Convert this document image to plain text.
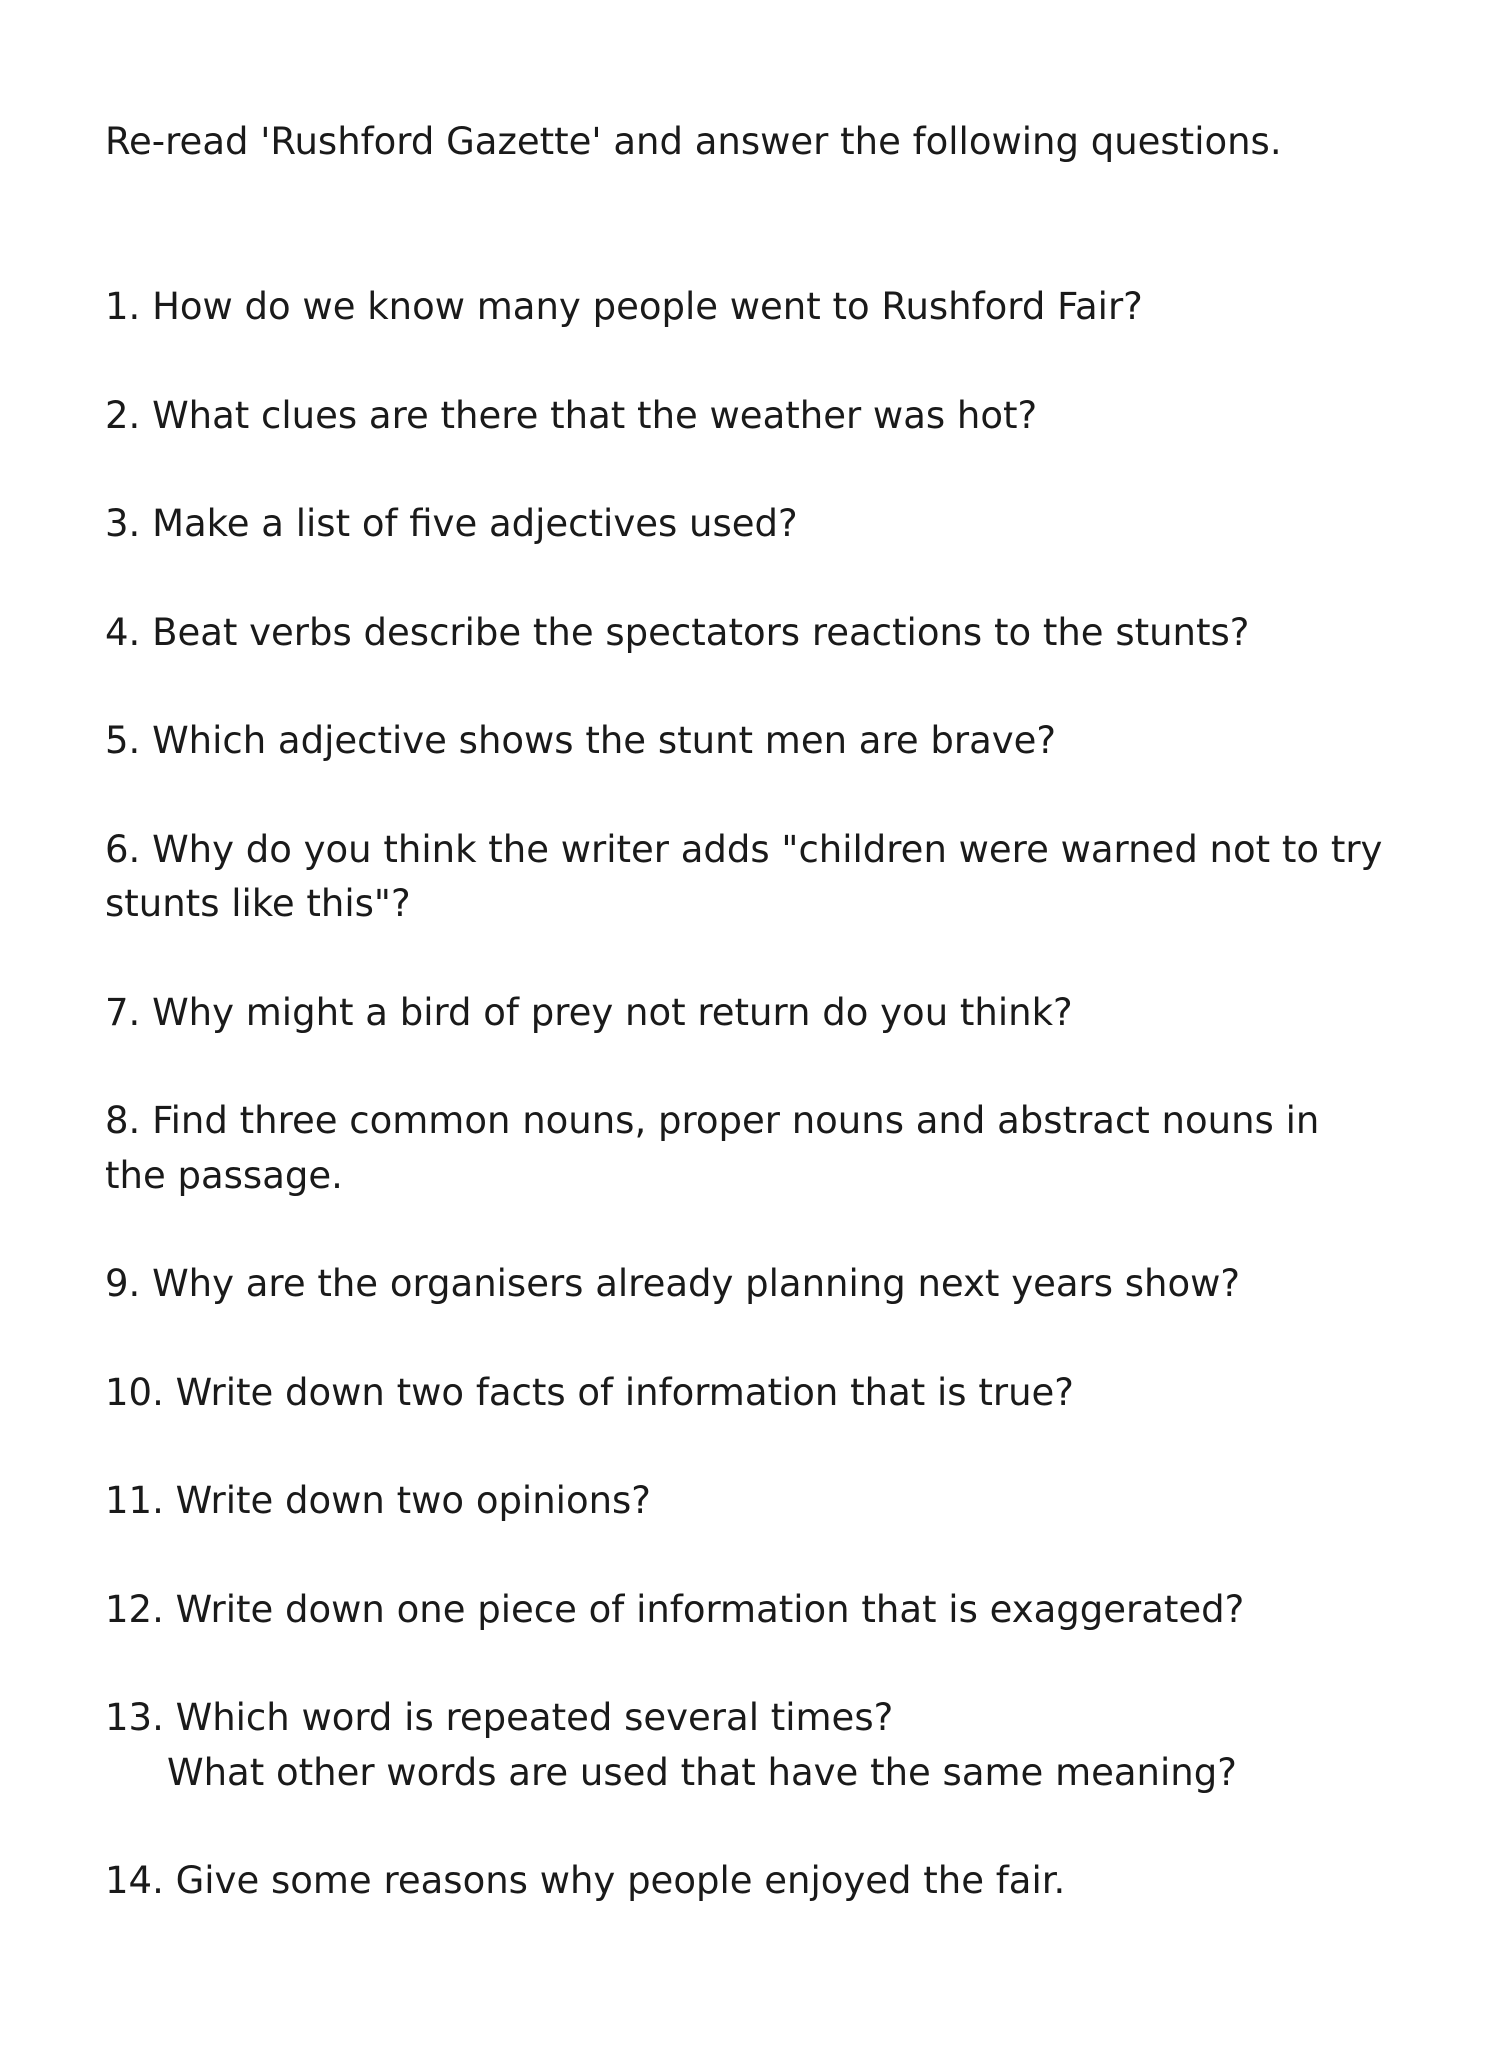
Re-read 'Rushford Gazette' and answer the following questions.

1. How do we know many people went to Rushford Fair?

2. What clues are there that the weather was hot?

3. Make a list of five adjectives used?

4. Beat verbs describe the spectators reactions to the stunts?

5. Which adjective shows the stunt men are brave?

6. Why do you think the writer adds "children were warned not to try

stunts like this"?

7. Why might a bird of prey not return do you think?

8. Find three common nouns, proper nouns and abstract nouns in

the passage.

9. Why are the organisers already planning next years show?

10. Write down two facts of information that is true?

11. Write down two opinions?

12. Write down one piece of information that is exaggerated?

13. Which word is repeated several times?

What other words are used that have the same meaning?

14. Give some reasons why people enjoyed the fair.
